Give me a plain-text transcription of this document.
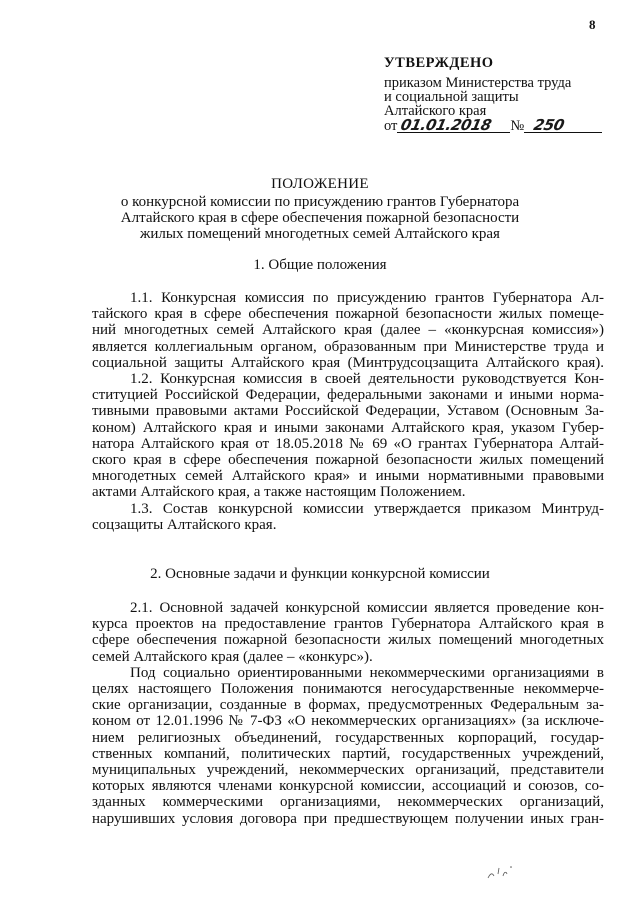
8
УТВЕРЖДЕНО
приказом Министерства труда
и социальной защиты
Алтайского края
от 01.01.2018 № 250
ПОЛОЖЕНИЕ
о конкурсной комиссии по присуждению грантов Губернатора
Алтайского края в сфере обеспечения пожарной безопасности
жилых помещений многодетных семей Алтайского края
1. Общие положения
1.1. Конкурсная комиссия по присуждению грантов Губернатора Ал-
тайского края в сфере обеспечения пожарной безопасности жилых помеще-
ний многодетных семей Алтайского края (далее – «конкурсная комиссия»)
является коллегиальным органом, образованным при Министерстве труда и
социальной защиты Алтайского края (Минтрудсоцзащита Алтайского края).
1.2. Конкурсная комиссия в своей деятельности руководствуется Кон-
ституцией Российской Федерации, федеральными законами и иными норма-
тивными правовыми актами Российской Федерации, Уставом (Основным За-
коном) Алтайского края и иными законами Алтайского края, указом Губер-
натора Алтайского края от 18.05.2018 № 69 «О грантах Губернатора Алтай-
ского края в сфере обеспечения пожарной безопасности жилых помещений
многодетных семей Алтайского края» и иными нормативными правовыми
актами Алтайского края, а также настоящим Положением.
1.3. Состав конкурсной комиссии утверждается приказом Минтруд-
соцзащиты Алтайского края.
2. Основные задачи и функции конкурсной комиссии
2.1. Основной задачей конкурсной комиссии является проведение кон-
курса проектов на предоставление грантов Губернатора Алтайского края в
сфере обеспечения пожарной безопасности жилых помещений многодетных
семей Алтайского края (далее – «конкурс»).
Под социально ориентированными некоммерческими организациями в
целях настоящего Положения понимаются негосударственные некоммерче-
ские организации, созданные в формах, предусмотренных Федеральным за-
коном от 12.01.1996 № 7-ФЗ «О некоммерческих организациях» (за исключе-
нием религиозных объединений, государственных корпораций, государ-
ственных компаний, политических партий, государственных учреждений,
муниципальных учреждений, некоммерческих организаций, представители
которых являются членами конкурсной комиссии, ассоциаций и союзов, со-
зданных коммерческими организациями, некоммерческих организаций,
нарушивших условия договора при предшествующем получении иных гран-
